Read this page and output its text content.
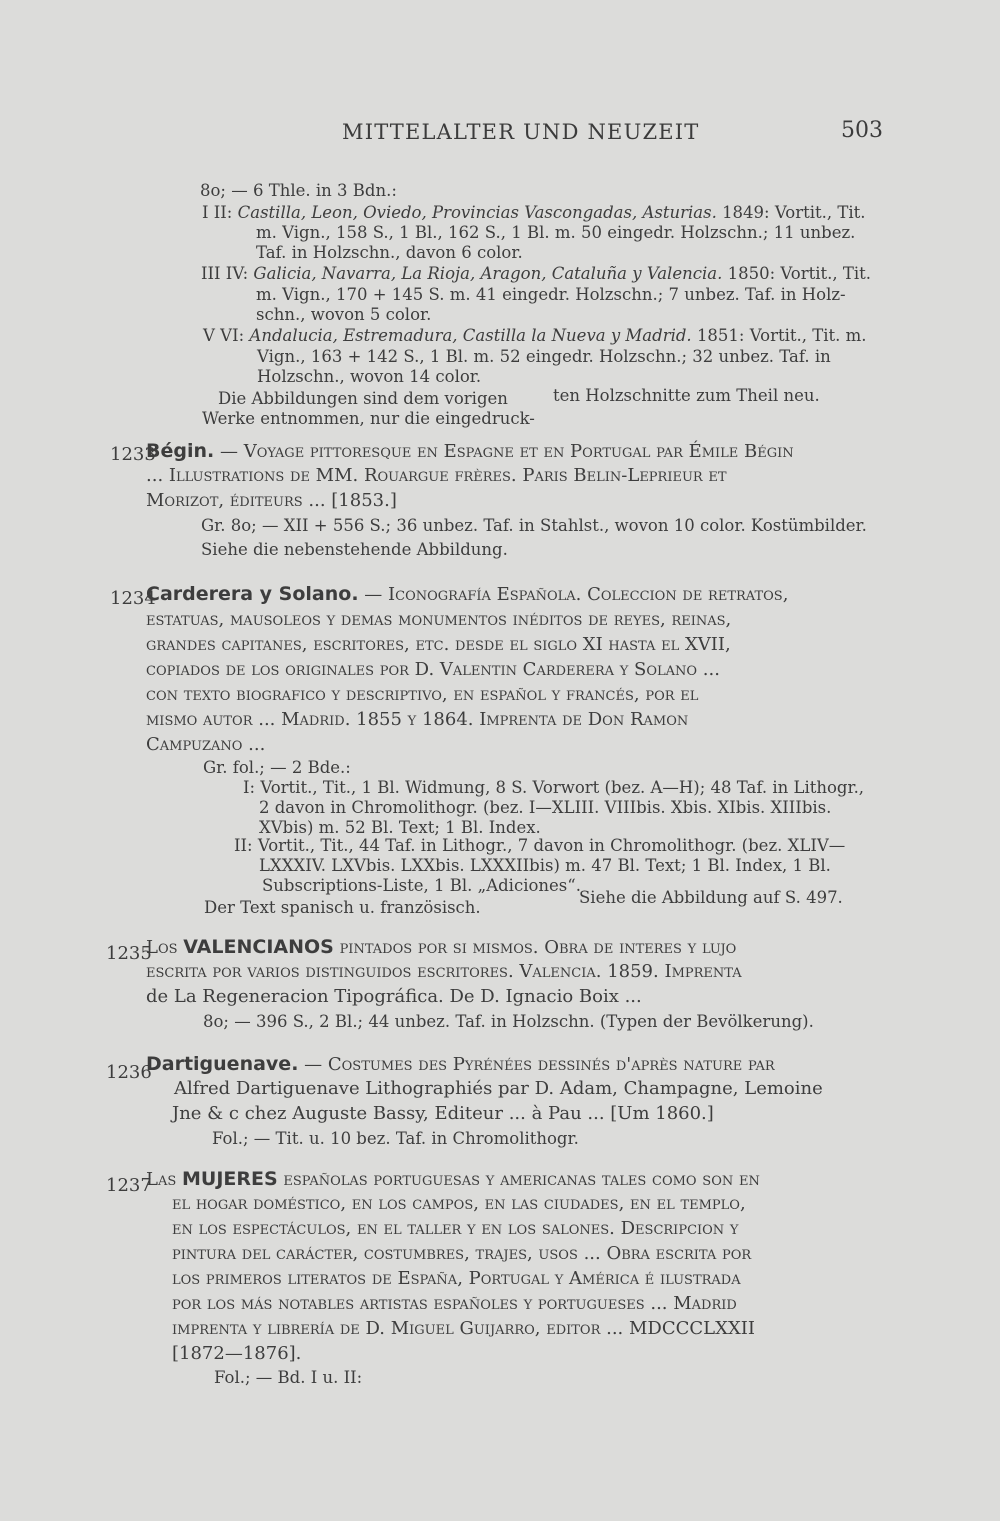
MITTELALTER UND NEUZEIT	503
8o; — 6 Thle. in 3 Bdn.:
I II: Castilla, Leon, Oviedo, Provincias Vascongadas, Asturias. 1849: Vortit., Tit.
m. Vign., 158 S., 1 Bl., 162 S., 1 Bl. m. 50 eingedr. Holzschn.; 11 unbez.
Taf. in Holzschn., davon 6 color.
III IV: Galicia, Navarra, La Rioja, Aragon, Cataluña y Valencia. 1850: Vortit., Tit.
m. Vign., 170 + 145 S. m. 41 eingedr. Holzschn.; 7 unbez. Taf. in Holz-
schn., wovon 5 color.
V VI: Andalucia, Estremadura, Castilla la Nueva y Madrid. 1851: Vortit., Tit. m.
Vign., 163 + 142 S., 1 Bl. m. 52 eingedr. Holzschn.; 32 unbez. Taf. in
Holzschn., wovon 14 color.
Die Abbildungen sind dem vorigen
Werke entnommen, nur die eingedruck-
ten Holzschnitte zum Theil neu.
1233
Bégin. — Voyage pittoresque en Espagne et en Portugal par Émile Bégin
... Illustrations de MM. Rouargue frères. Paris Belin-Leprieur et
Morizot, éditeurs ... [1853.]
Gr. 8o; — XII + 556 S.; 36 unbez. Taf. in Stahlst., wovon 10 color. Kostümbilder.
Siehe die nebenstehende Abbildung.
1234
Carderera y Solano. — Iconografía Española. Coleccion de retratos,
estatuas, mausoleos y demas monumentos inéditos de reyes, reinas,
grandes capitanes, escritores, etc. desde el siglo XI hasta el XVII,
copiados de los originales por D. Valentin Carderera y Solano ...
con texto biografico y descriptivo, en español y francés, por el
mismo autor ... Madrid. 1855 y 1864. Imprenta de Don Ramon
Campuzano ...
Gr. fol.; — 2 Bde.:
I: Vortit., Tit., 1 Bl. Widmung, 8 S. Vorwort (bez. A—H); 48 Taf. in Lithogr.,
2 davon in Chromolithogr. (bez. I—XLIII. VIIIbis. Xbis. XIbis. XIIIbis.
XVbis) m. 52 Bl. Text; 1 Bl. Index.
II: Vortit., Tit., 44 Taf. in Lithogr., 7 davon in Chromolithogr. (bez. XLIV—
LXXXIV. LXVbis. LXXbis. LXXXIIbis) m. 47 Bl. Text; 1 Bl. Index, 1 Bl.
Subscriptions-Liste, 1 Bl. „Adiciones“.
Der Text spanisch u. französisch.
Siehe die Abbildung auf S. 497.
1235
Los VALENCIANOS pintados por si mismos. Obra de interes y lujo
escrita por varios distinguidos escritores. Valencia. 1859. Imprenta
de La Regeneracion Tipográfica. De D. Ignacio Boix ...
8o; — 396 S., 2 Bl.; 44 unbez. Taf. in Holzschn. (Typen der Bevölkerung).
1236
Dartiguenave. — Costumes des Pyrénées dessinés d'après nature par
Alfred Dartiguenave Lithographiés par D. Adam, Champagne, Lemoine
Jne & c chez Auguste Bassy, Editeur ... à Pau ... [Um 1860.]
Fol.; — Tit. u. 10 bez. Taf. in Chromolithogr.
1237
Las MUJERES españolas portuguesas y americanas tales como son en
el hogar doméstico, en los campos, en las ciudades, en el templo,
en los espectáculos, en el taller y en los salones. Descripcion y
pintura del carácter, costumbres, trajes, usos ... Obra escrita por
los primeros literatos de España, Portugal y América é ilustrada
por los más notables artistas españoles y portugueses ... Madrid
imprenta y librería de D. Miguel Guijarro, editor ... MDCCCLXXII
[1872—1876].
Fol.; — Bd. I u. II:
